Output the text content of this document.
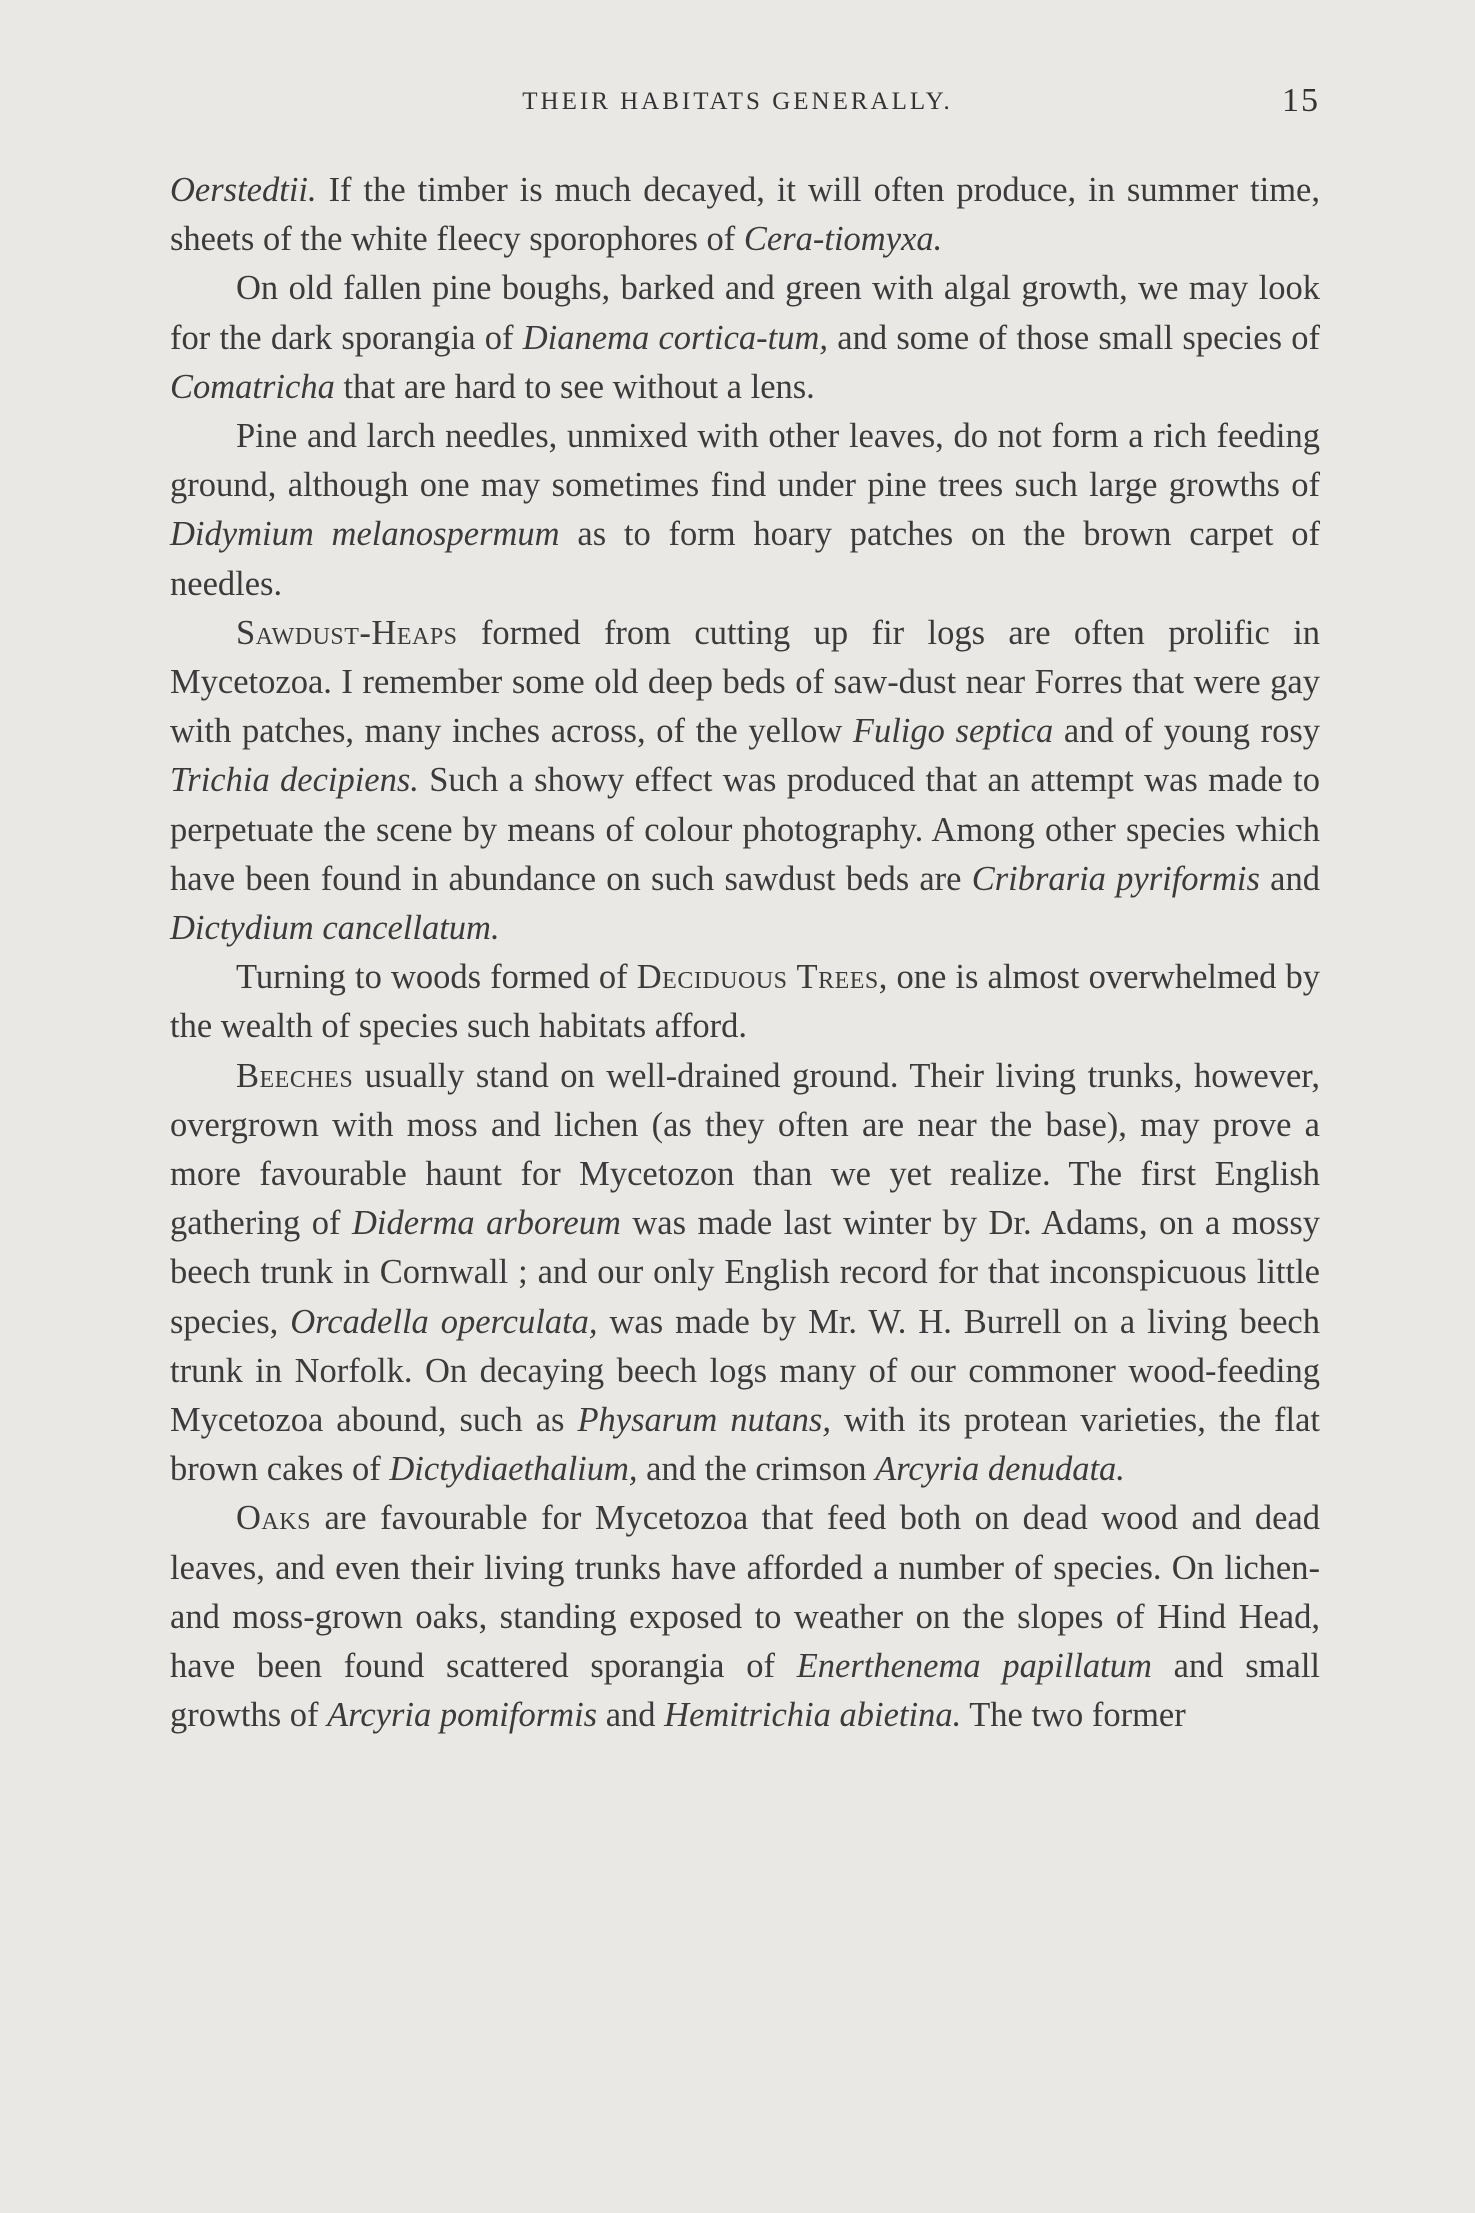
THEIR HABITATS GENERALLY.	15

Oerstedtii. If the timber is much decayed, it will often produce, in summer time, sheets of the white fleecy sporophores of Cera-tiomyxa.

On old fallen pine boughs, barked and green with algal growth, we may look for the dark sporangia of Dianema cortica-tum, and some of those small species of Comatricha that are hard to see without a lens.

Pine and larch needles, unmixed with other leaves, do not form a rich feeding ground, although one may sometimes find under pine trees such large growths of Didymium melanospermum as to form hoary patches on the brown carpet of needles.

Sawdust-Heaps formed from cutting up fir logs are often prolific in Mycetozoa. I remember some old deep beds of saw-dust near Forres that were gay with patches, many inches across, of the yellow Fuligo septica and of young rosy Trichia decipiens. Such a showy effect was produced that an attempt was made to perpetuate the scene by means of colour photography. Among other species which have been found in abundance on such sawdust beds are Cribraria pyriformis and Dictydium cancellatum.

Turning to woods formed of Deciduous Trees, one is almost overwhelmed by the wealth of species such habitats afford.

Beeches usually stand on well-drained ground. Their living trunks, however, overgrown with moss and lichen (as they often are near the base), may prove a more favourable haunt for Mycetozon than we yet realize. The first English gathering of Diderma arboreum was made last winter by Dr. Adams, on a mossy beech trunk in Cornwall ; and our only English record for that inconspicuous little species, Orcadella operculata, was made by Mr. W. H. Burrell on a living beech trunk in Norfolk. On decaying beech logs many of our commoner wood-feeding Mycetozoa abound, such as Physarum nutans, with its protean varieties, the flat brown cakes of Dictydiaethalium, and the crimson Arcyria denudata.

Oaks are favourable for Mycetozoa that feed both on dead wood and dead leaves, and even their living trunks have afforded a number of species. On lichen- and moss-grown oaks, standing exposed to weather on the slopes of Hind Head, have been found scattered sporangia of Enerthenema papillatum and small growths of Arcyria pomiformis and Hemitrichia abietina. The two former
